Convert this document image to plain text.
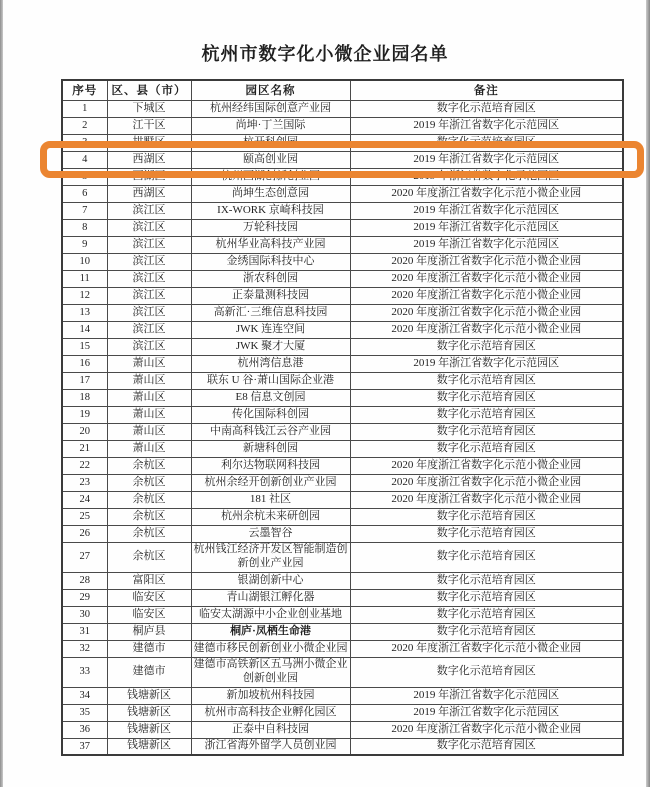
杭州市数字化小微企业园名单
序号	区、县（市）	园区名称	备注
1	下城区	杭州经纬国际创意产业园	数字化示范培育园区
2	江干区	尚坤·丁兰国际	2019 年浙江省数字化示范园区
3	拱墅区	杭开科创园	数字化示范培育园区
4	西湖区	颐高创业园	2019 年浙江省数字化示范园区
5	西湖区	杭州西湖创新创业园	2019 年浙江省数字化示范园区
6	西湖区	尚坤生态创意园	2020 年度浙江省数字化示范小微企业园
7	滨江区	IX-WORK 京崎科技园	2019 年浙江省数字化示范园区
8	滨江区	万轮科技园	2019 年浙江省数字化示范园区
9	滨江区	杭州华业高科技产业园	2019 年浙江省数字化示范园区
10	滨江区	金绣国际科技中心	2020 年度浙江省数字化示范小微企业园
11	滨江区	浙农科创园	2020 年度浙江省数字化示范小微企业园
12	滨江区	正泰量测科技园	2020 年度浙江省数字化示范小微企业园
13	滨江区	高新汇·三维信息科技园	2020 年度浙江省数字化示范小微企业园
14	滨江区	JWK 连连空间	2020 年度浙江省数字化示范小微企业园
15	滨江区	JWK 聚才大厦	数字化示范培育园区
16	萧山区	杭州湾信息港	2019 年浙江省数字化示范园区
17	萧山区	联东 U 谷·萧山国际企业港	数字化示范培育园区
18	萧山区	E8 信息文创园	数字化示范培育园区
19	萧山区	传化国际科创园	数字化示范培育园区
20	萧山区	中南高科钱江云谷产业园	数字化示范培育园区
21	萧山区	新塘科创园	数字化示范培育园区
22	余杭区	利尔达物联网科技园	2020 年度浙江省数字化示范小微企业园
23	余杭区	杭州余经开创新创业产业园	2020 年度浙江省数字化示范小微企业园
24	余杭区	181 社区	2020 年度浙江省数字化示范小微企业园
25	余杭区	杭州余杭未来研创园	数字化示范培育园区
26	余杭区	云墨智谷	数字化示范培育园区
27	余杭区	杭州钱江经济开发区智能制造创新创业产业园	数字化示范培育园区
28	富阳区	银湖创新中心	数字化示范培育园区
29	临安区	青山湖银江孵化器	数字化示范培育园区
30	临安区	临安太湖源中小企业创业基地	数字化示范培育园区
31	桐庐县	桐庐·凤栖生命港	数字化示范培育园区
32	建德市	建德市移民创新创业小微企业园	2020 年度浙江省数字化示范小微企业园
33	建德市	建德市高铁新区五马洲小微企业创新创业园	数字化示范培育园区
34	钱塘新区	新加坡杭州科技园	2019 年浙江省数字化示范园区
35	钱塘新区	杭州市高科技企业孵化园区	2019 年浙江省数字化示范园区
36	钱塘新区	正泰中自科技园	2020 年度浙江省数字化示范小微企业园
37	钱塘新区	浙江省海外留学人员创业园	数字化示范培育园区
